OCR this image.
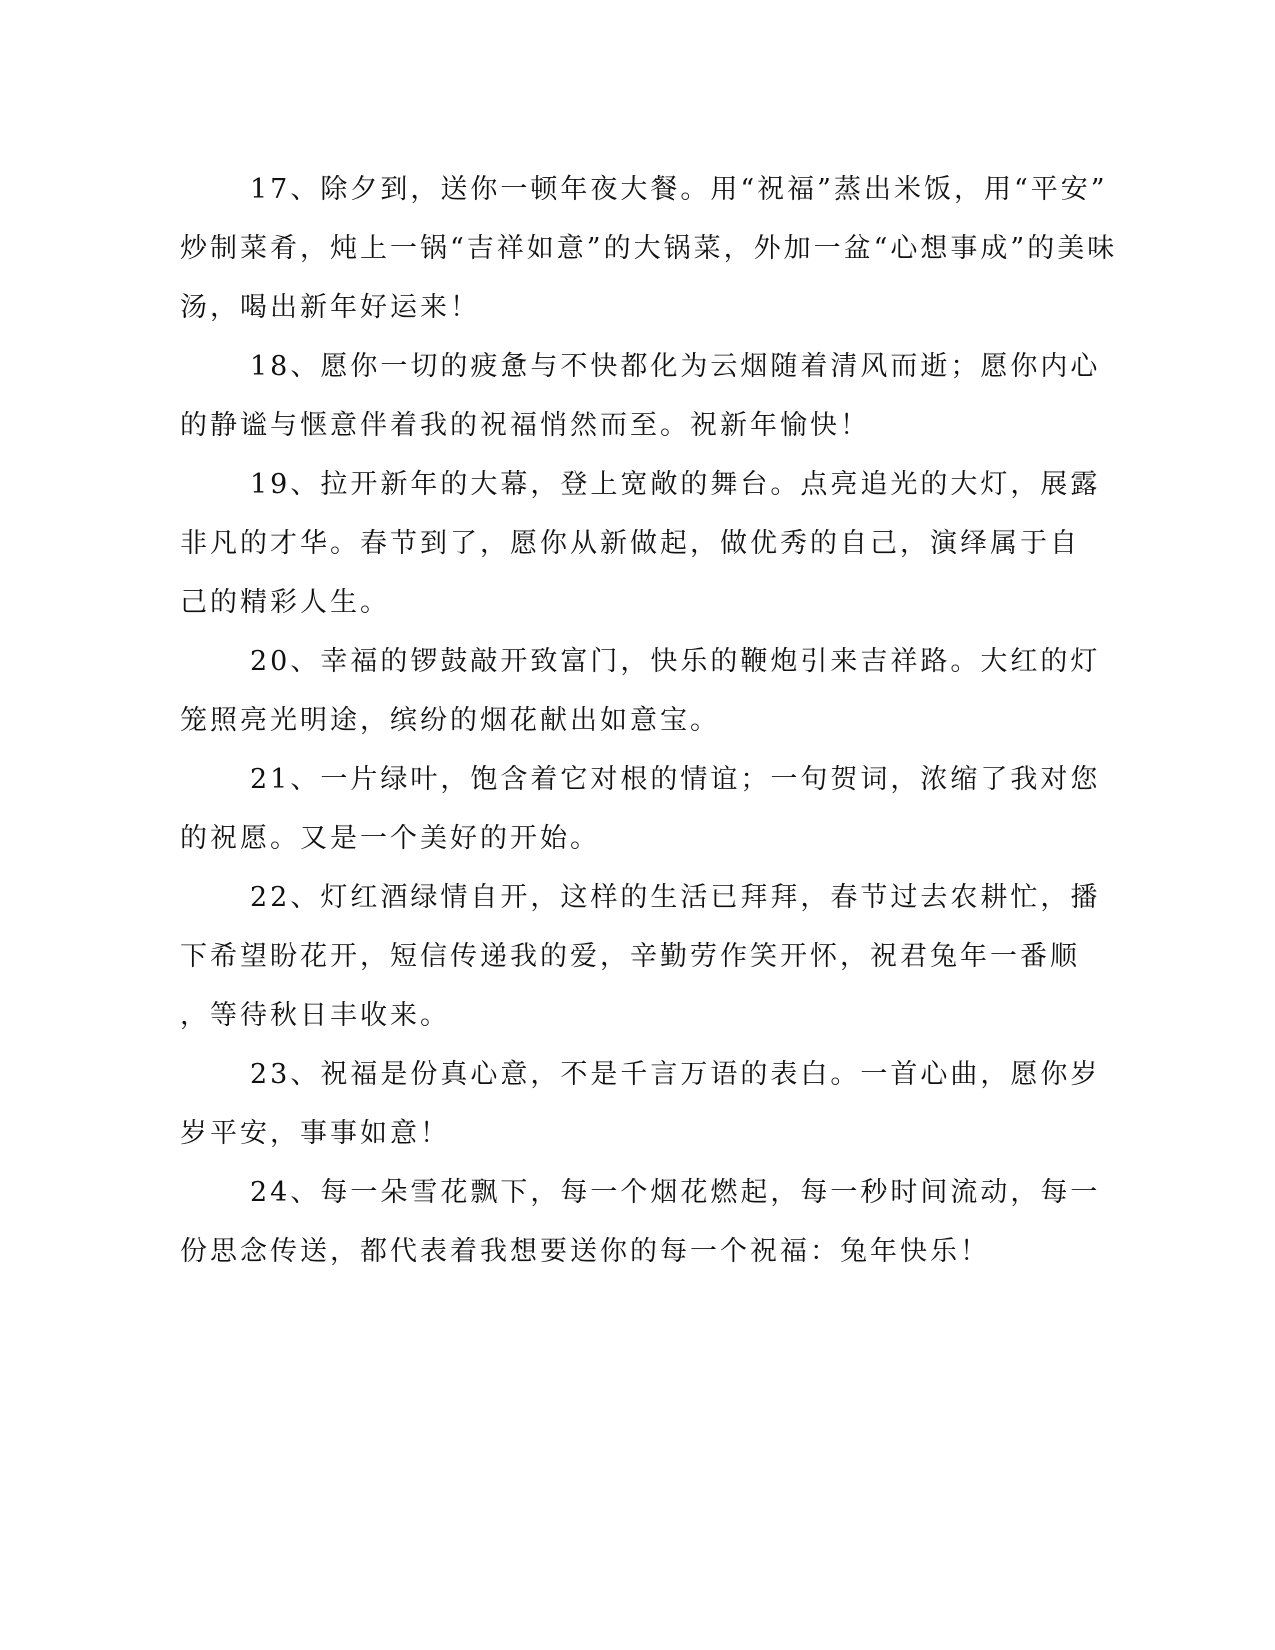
17、除夕到，送你一顿年夜大餐。用“祝福”蒸出米饭，用“平安”
炒制菜肴，炖上一锅“吉祥如意”的大锅菜，外加一盆“心想事成”的美味
汤，喝出新年好运来！

18、愿你一切的疲惫与不快都化为云烟随着清风而逝；愿你内心
的静谧与惬意伴着我的祝福悄然而至。祝新年愉快！

19、拉开新年的大幕，登上宽敞的舞台。点亮追光的大灯，展露
非凡的才华。春节到了，愿你从新做起，做优秀的自己，演绎属于自
己的精彩人生。

20、幸福的锣鼓敲开致富门，快乐的鞭炮引来吉祥路。大红的灯
笼照亮光明途，缤纷的烟花献出如意宝。

21、一片绿叶，饱含着它对根的情谊；一句贺词，浓缩了我对您
的祝愿。又是一个美好的开始。

22、灯红酒绿情自开，这样的生活已拜拜，春节过去农耕忙，播
下希望盼花开，短信传递我的爱，辛勤劳作笑开怀，祝君兔年一番顺
，等待秋日丰收来。

23、祝福是份真心意，不是千言万语的表白。一首心曲，愿你岁
岁平安，事事如意！

24、每一朵雪花飘下，每一个烟花燃起，每一秒时间流动，每一
份思念传送，都代表着我想要送你的每一个祝福：兔年快乐！
